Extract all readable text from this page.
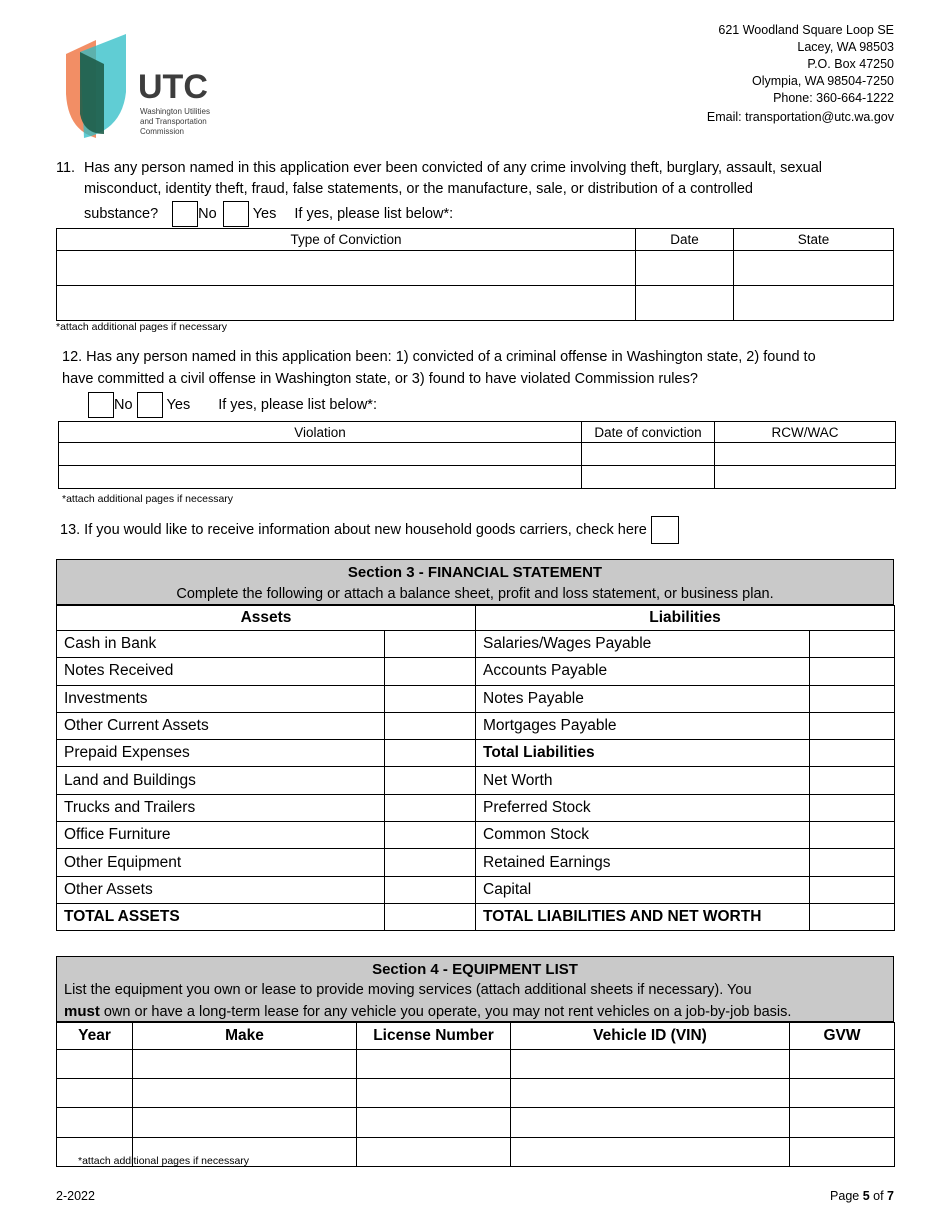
UTC
Washington Utilities
and Transportation
Commission
621 Woodland Square Loop SE
Lacey, WA 98503
P.O. Box 47250
Olympia, WA 98504-7250
Phone: 360-664-1222
Email: transportation@utc.wa.gov
11. Has any person named in this application ever been convicted of any crime involving theft, burglary, assault, sexual
misconduct, identity theft, fraud, false statements, or the manufacture, sale, or distribution of a controlled
substance?	No Yes If yes, please list below*:
Type of Conviction	Date	State

*attach additional pages if necessary
12. Has any person named in this application been: 1) convicted of a criminal offense in Washington state, 2) found to
have committed a civil offense in Washington state, or 3) found to have violated Commission rules?
No Yes If yes, please list below*:
Violation	Date of conviction	RCW/WAC

*attach additional pages if necessary
13. If you would like to receive information about new household goods carriers, check here
Section 3 - FINANCIAL STATEMENT
Complete the following or attach a balance sheet, profit and loss statement, or business plan.
Assets		Liabilities	
Cash in Bank		Salaries/Wages Payable	
Notes Received		Accounts Payable	
Investments		Notes Payable	
Other Current Assets		Mortgages Payable	
Prepaid Expenses		Total Liabilities	
Land and Buildings		Net Worth	
Trucks and Trailers		Preferred Stock	
Office Furniture		Common Stock	
Other Equipment		Retained Earnings	
Other Assets		Capital	
TOTAL ASSETS		TOTAL LIABILITIES AND NET WORTH	
Section 4 - EQUIPMENT LIST
List the equipment you own or lease to provide moving services (attach additional sheets if necessary). You
must own or have a long-term lease for any vehicle you operate, you may not rent vehicles on a job-by-job basis.
Year	Make	License Number	Vehicle ID (VIN)	GVW

*attach additional pages if necessary
2-2022	Page 5 of 7
